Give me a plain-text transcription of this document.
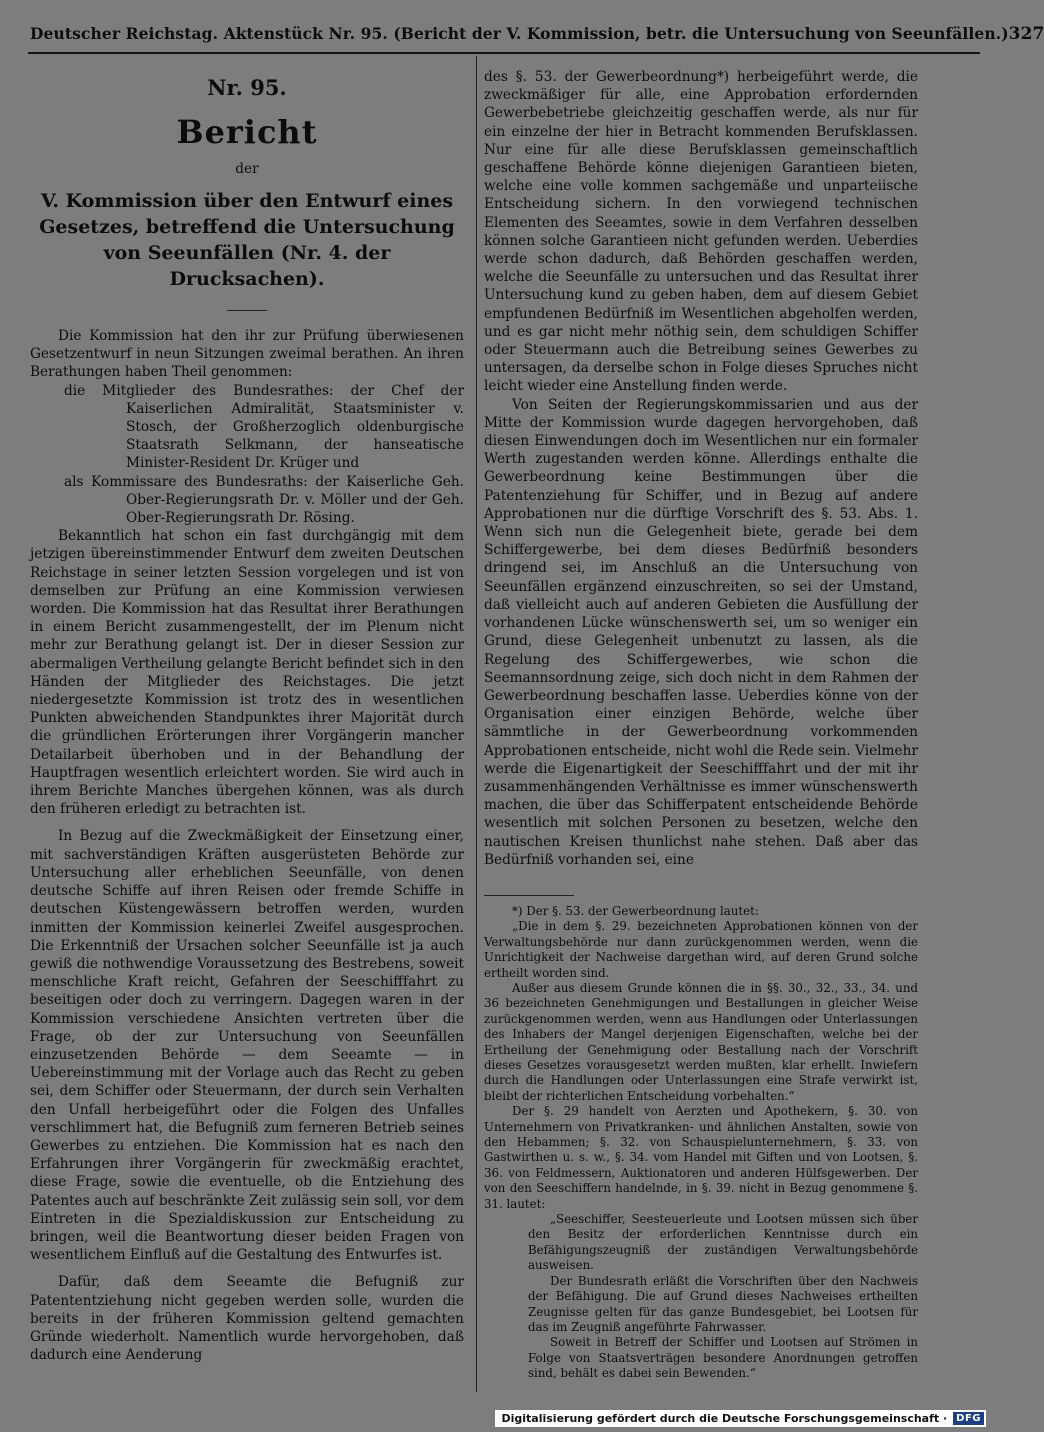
Deutscher Reichstag. Aktenstück Nr. 95. (Bericht der V. Kommission, betr. die Untersuchung von Seeunfällen.) 327
Nr. 95.
Bericht
der
V. Kommission über den Entwurf eines Gesetzes, betreffend die Untersuchung von Seeunfällen (Nr. 4. der Drucksachen).

Die Kommission hat den ihr zur Prüfung überwiesenen Gesetzentwurf in neun Sitzungen zweimal berathen. An ihren Berathungen haben Theil genommen:

die Mitglieder des Bundesrathes: der Chef der Kaiserlichen Admiralität, Staatsminister v. Stosch, der Großherzoglich oldenburgische Staatsrath Selkmann, der hanseatische Minister-Resident Dr. Krüger und

als Kommissare des Bundesraths: der Kaiserliche Geh. Ober-Regierungsrath Dr. v. Möller und der Geh. Ober-Regierungsrath Dr. Rösing.

Bekanntlich hat schon ein fast durchgängig mit dem jetzigen übereinstimmender Entwurf dem zweiten Deutschen Reichstage in seiner letzten Session vorgelegen und ist von demselben zur Prüfung an eine Kommission verwiesen worden. Die Kommission hat das Resultat ihrer Berathungen in einem Bericht zusammengestellt, der im Plenum nicht mehr zur Berathung gelangt ist. Der in dieser Session zur abermaligen Vertheilung gelangte Bericht befindet sich in den Händen der Mitglieder des Reichstages. Die jetzt niedergesetzte Kommission ist trotz des in wesentlichen Punkten abweichenden Standpunktes ihrer Majorität durch die gründlichen Erörterungen ihrer Vorgängerin mancher Detailarbeit überhoben und in der Behandlung der Hauptfragen wesentlich erleichtert worden. Sie wird auch in ihrem Berichte Manches übergehen können, was als durch den früheren erledigt zu betrachten ist.

In Bezug auf die Zweckmäßigkeit der Einsetzung einer, mit sachverständigen Kräften ausgerüsteten Behörde zur Untersuchung aller erheblichen Seeunfälle, von denen deutsche Schiffe auf ihren Reisen oder fremde Schiffe in deutschen Küstengewässern betroffen werden, wurden inmitten der Kommission keinerlei Zweifel ausgesprochen. Die Erkenntniß der Ursachen solcher Seeunfälle ist ja auch gewiß die nothwendige Voraussetzung des Bestrebens, soweit menschliche Kraft reicht, Gefahren der Seeschifffahrt zu beseitigen oder doch zu verringern. Dagegen waren in der Kommission verschiedene Ansichten vertreten über die Frage, ob der zur Untersuchung von Seeunfällen einzusetzenden Behörde — dem Seeamte — in Uebereinstimmung mit der Vorlage auch das Recht zu geben sei, dem Schiffer oder Steuermann, der durch sein Verhalten den Unfall herbeigeführt oder die Folgen des Unfalles verschlimmert hat, die Befugniß zum ferneren Betrieb seines Gewerbes zu entziehen. Die Kommission hat es nach den Erfahrungen ihrer Vorgängerin für zweckmäßig erachtet, diese Frage, sowie die eventuelle, ob die Entziehung des Patentes auch auf beschränkte Zeit zulässig sein soll, vor dem Eintreten in die Spezialdiskussion zur Entscheidung zu bringen, weil die Beantwortung dieser beiden Fragen von wesentlichem Einfluß auf die Gestaltung des Entwurfes ist.

Dafür, daß dem Seeamte die Befugniß zur Patententziehung nicht gegeben werden solle, wurden die bereits in der früheren Kommission geltend gemachten Gründe wiederholt. Namentlich wurde hervorgehoben, daß dadurch eine Aenderung

des §. 53. der Gewerbeordnung*) herbeigeführt werde, die zweckmäßiger für alle, eine Approbation erfordernden Gewerbebetriebe gleichzeitig geschaffen werde, als nur für ein einzelne der hier in Betracht kommenden Berufsklassen. Nur eine für alle diese Berufsklassen gemeinschaftlich geschaffene Behörde könne diejenigen Garantieen bieten, welche eine volle kommen sachgemäße und unparteiische Entscheidung sichern. In den vorwiegend technischen Elementen des Seeamtes, sowie in dem Verfahren desselben können solche Garantieen nicht gefunden werden. Ueberdies werde schon dadurch, daß Behörden geschaffen werden, welche die Seeunfälle zu untersuchen und das Resultat ihrer Untersuchung kund zu geben haben, dem auf diesem Gebiet empfundenen Bedürfniß im Wesentlichen abgeholfen werden, und es gar nicht mehr nöthig sein, dem schuldigen Schiffer oder Steuermann auch die Betreibung seines Gewerbes zu untersagen, da derselbe schon in Folge dieses Spruches nicht leicht wieder eine Anstellung finden werde.

Von Seiten der Regierungskommissarien und aus der Mitte der Kommission wurde dagegen hervorgehoben, daß diesen Einwendungen doch im Wesentlichen nur ein formaler Werth zugestanden werden könne. Allerdings enthalte die Gewerbeordnung keine Bestimmungen über die Patentenziehung für Schiffer, und in Bezug auf andere Approbationen nur die dürftige Vorschrift des §. 53. Abs. 1. Wenn sich nun die Gelegenheit biete, gerade bei dem Schiffergewerbe, bei dem dieses Bedürfniß besonders dringend sei, im Anschluß an die Untersuchung von Seeunfällen ergänzend einzuschreiten, so sei der Umstand, daß vielleicht auch auf anderen Gebieten die Ausfüllung der vorhandenen Lücke wünschenswerth sei, um so weniger ein Grund, diese Gelegenheit unbenutzt zu lassen, als die Regelung des Schiffergewerbes, wie schon die Seemannsordnung zeige, sich doch nicht in dem Rahmen der Gewerbeordnung beschaffen lasse. Ueberdies könne von der Organisation einer einzigen Behörde, welche über sämmtliche in der Gewerbeordnung vorkommenden Approbationen entscheide, nicht wohl die Rede sein. Vielmehr werde die Eigenartigkeit der Seeschifffahrt und der mit ihr zusammenhängenden Verhältnisse es immer wünschenswerth machen, die über das Schifferpatent entscheidende Behörde wesentlich mit solchen Personen zu besetzen, welche den nautischen Kreisen thunlichst nahe stehen. Daß aber das Bedürfniß vorhanden sei, eine

*) Der §. 53. der Gewerbeordnung lautet:

„Die in dem §. 29. bezeichneten Approbationen können von der Verwaltungsbehörde nur dann zurückgenommen werden, wenn die Unrichtigkeit der Nachweise dargethan wird, auf deren Grund solche ertheilt worden sind.

Außer aus diesem Grunde können die in §§. 30., 32., 33., 34. und 36 bezeichneten Genehmigungen und Bestallungen in gleicher Weise zurückgenommen werden, wenn aus Handlungen oder Unterlassungen des Inhabers der Mangel derjenigen Eigenschaften, welche bei der Ertheilung der Genehmigung oder Bestallung nach der Vorschrift dieses Gesetzes vorausgesetzt werden mußten, klar erhellt. Inwiefern durch die Handlungen oder Unterlassungen eine Strafe verwirkt ist, bleibt der richterlichen Entscheidung vorbehalten.“

Der §. 29 handelt von Aerzten und Apothekern, §. 30. von Unternehmern von Privatkranken- und ähnlichen Anstalten, sowie von den Hebammen; §. 32. von Schauspielunternehmern, §. 33. von Gastwirthen u. s. w., §. 34. vom Handel mit Giften und von Lootsen, §. 36. von Feldmessern, Auktionatoren und anderen Hülfsgewerben. Der von den Seeschiffern handelnde, in §. 39. nicht in Bezug genommene §. 31. lautet:

„Seeschiffer, Seesteuerleute und Lootsen müssen sich über den Besitz der erforderlichen Kenntnisse durch ein Befähigungszeugniß der zuständigen Verwaltungsbehörde ausweisen.

Der Bundesrath erläßt die Vorschriften über den Nachweis der Befähigung. Die auf Grund dieses Nachweises ertheilten Zeugnisse gelten für das ganze Bundesgebiet, bei Lootsen für das im Zeugniß angeführte Fahrwasser.

Soweit in Betreff der Schiffer und Lootsen auf Strömen in Folge von Staatsverträgen besondere Anordnungen getroffen sind, behält es dabei sein Bewenden.“

Digitalisierung gefördert durch die Deutsche Forschungsgemeinschaft · DFG
